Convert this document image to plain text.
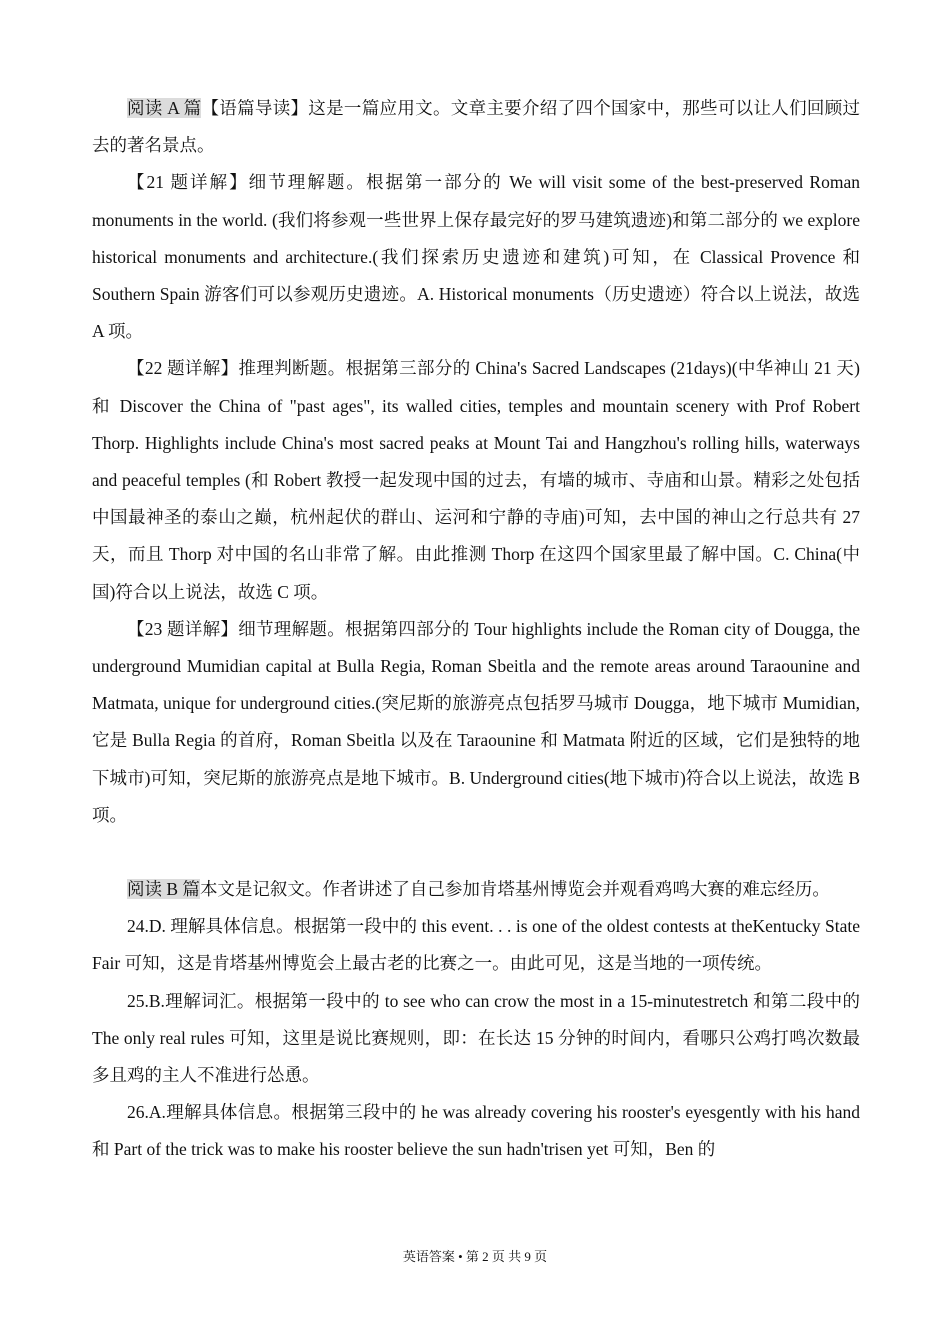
阅读 A 篇【语篇导读】这是一篇应用文。文章主要介绍了四个国家中，那些可以让人们回顾过去的著名景点。

【21 题详解】细节理解题。根据第一部分的 We will visit some of the best-preserved Roman monuments in the world. (我们将参观一些世界上保存最完好的罗马建筑遗迹)和第二部分的 we explore historical monuments and architecture.(我们探索历史遗迹和建筑)可知，在 Classical Provence 和 Southern Spain 游客们可以参观历史遗迹。A. Historical monuments（历史遗迹）符合以上说法，故选 A 项。

【22 题详解】推理判断题。根据第三部分的 China's Sacred Landscapes (21days)(中华神山 21 天) 和 Discover the China of "past ages", its walled cities, temples and mountain scenery with Prof Robert Thorp. Highlights include China's most sacred peaks at Mount Tai and Hangzhou's rolling hills, waterways and peaceful temples (和 Robert 教授一起发现中国的过去，有墙的城市、寺庙和山景。精彩之处包括中国最神圣的泰山之巅，杭州起伏的群山、运河和宁静的寺庙)可知，去中国的神山之行总共有 27 天，而且 Thorp 对中国的名山非常了解。由此推测 Thorp 在这四个国家里最了解中国。C. China(中国)符合以上说法，故选 C 项。

【23 题详解】细节理解题。根据第四部分的 Tour highlights include the Roman city of Dougga, the underground Mumidian capital at Bulla Regia, Roman Sbeitla and the remote areas around Taraounine and Matmata, unique for underground cities.(突尼斯的旅游亮点包括罗马城市 Dougga，地下城市 Mumidian,它是 Bulla Regia 的首府，Roman Sbeitla 以及在 Taraounine 和 Matmata 附近的区域，它们是独特的地下城市)可知，突尼斯的旅游亮点是地下城市。B. Underground cities(地下城市)符合以上说法，故选 B 项。

阅读 B 篇本文是记叙文。作者讲述了自己参加肯塔基州博览会并观看鸡鸣大赛的难忘经历。

24.D. 理解具体信息。根据第一段中的 this event. . . is one of the oldest contests at theKentucky State Fair 可知，这是肯塔基州博览会上最古老的比赛之一。由此可见，这是当地的一项传统。

25.B.理解词汇。根据第一段中的 to see who can crow the most in a 15-minutestretch 和第二段中的 The only real rules 可知，这里是说比赛规则，即：在长达 15 分钟的时间内，看哪只公鸡打鸣次数最多且鸡的主人不准进行怂恿。

26.A.理解具体信息。根据第三段中的 he was already covering his rooster's eyesgently with his hand 和 Part of the trick was to make his rooster believe the sun hadn'trisen yet 可知，Ben 的

英语答案 • 第 2 页 共 9 页
